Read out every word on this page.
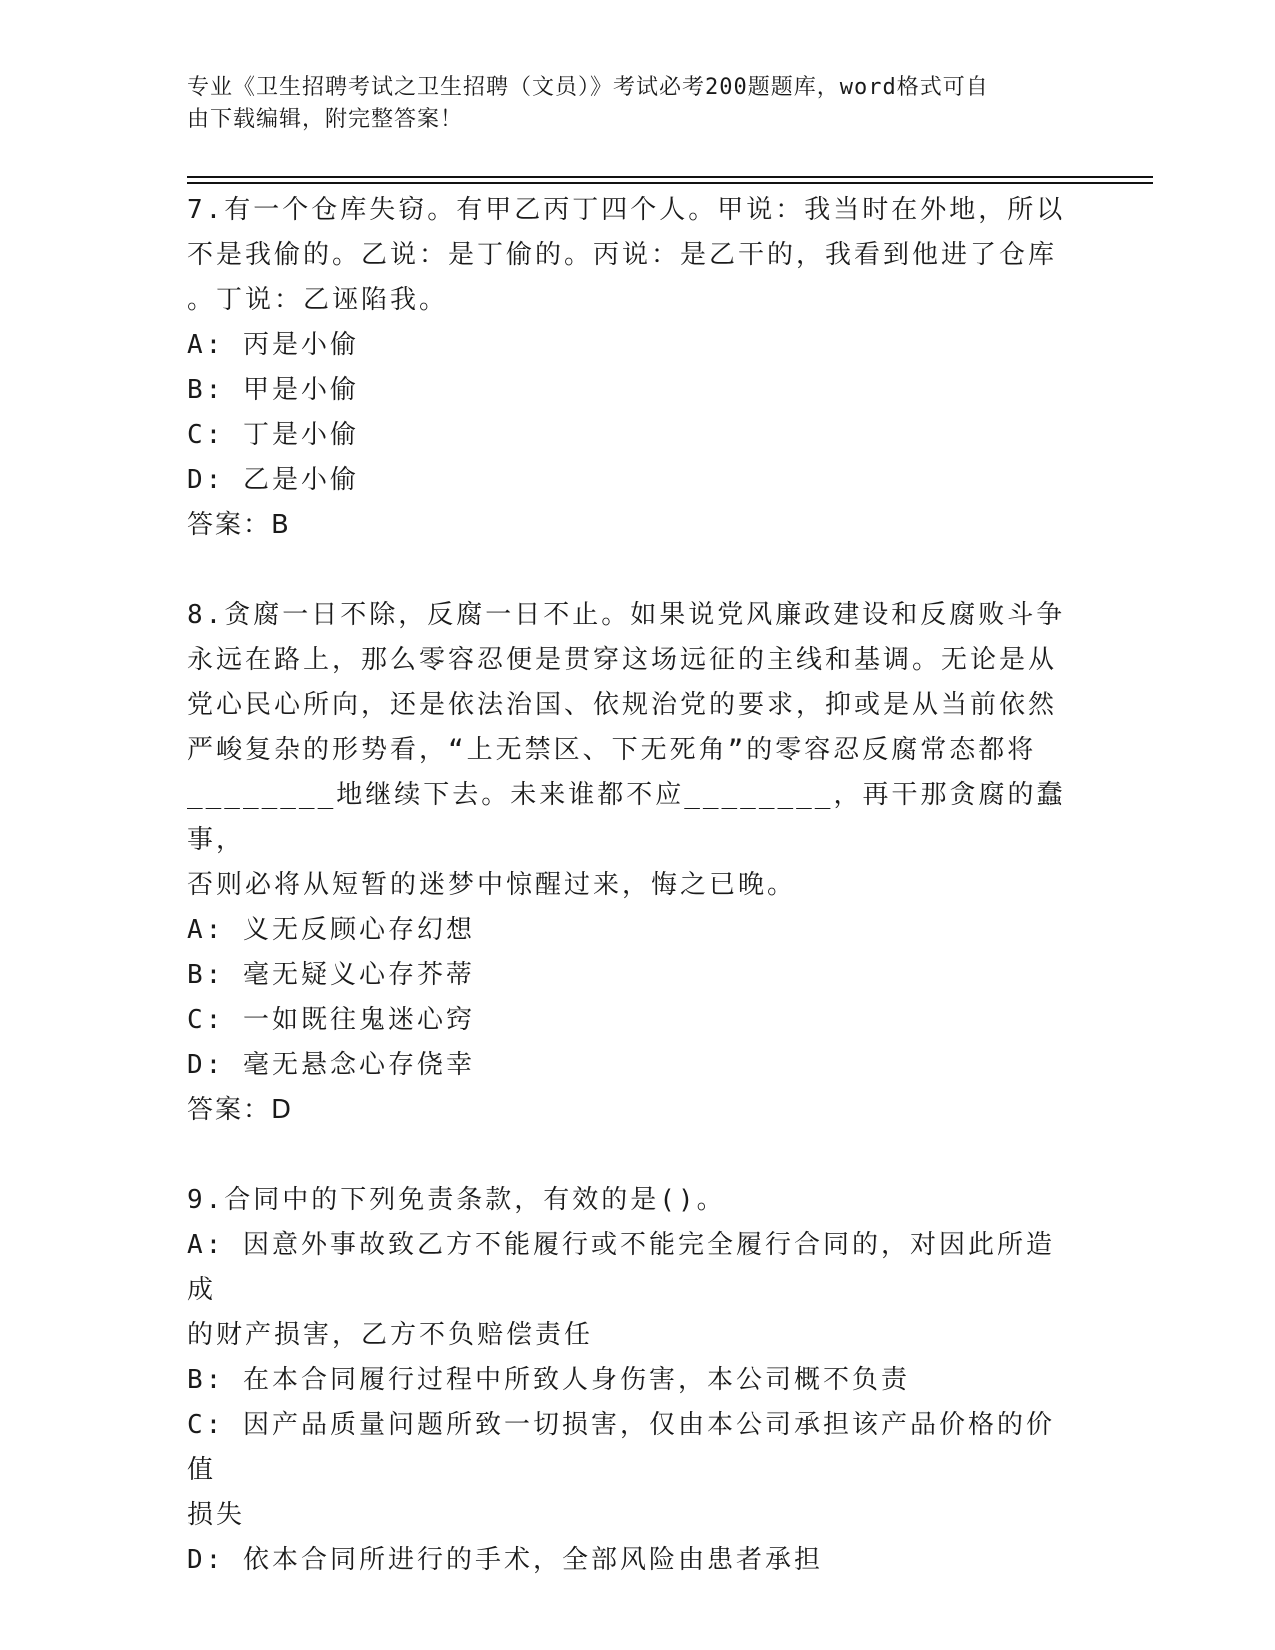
专业《卫生招聘考试之卫生招聘（文员）》考试必考200题题库，word格式可自
由下载编辑，附完整答案！
7.有一个仓库失窃。有甲乙丙丁四个人。甲说：我当时在外地，所以
不是我偷的。乙说：是丁偷的。丙说：是乙干的，我看到他进了仓库
。丁说：乙诬陷我。
A: 丙是小偷
B: 甲是小偷
C: 丁是小偷
D: 乙是小偷
答案：B
8.贪腐一日不除，反腐一日不止。如果说党风廉政建设和反腐败斗争
永远在路上，那么零容忍便是贯穿这场远征的主线和基调。无论是从
党心民心所向，还是依法治国、依规治党的要求，抑或是从当前依然
严峻复杂的形势看，“上无禁区、下无死角”的零容忍反腐常态都将
________地继续下去。未来谁都不应________，再干那贪腐的蠢事，
否则必将从短暂的迷梦中惊醒过来，悔之已晚。
A: 义无反顾心存幻想
B: 毫无疑义心存芥蒂
C: 一如既往鬼迷心窍
D: 毫无悬念心存侥幸
答案：D
9.合同中的下列免责条款，有效的是()。
A: 因意外事故致乙方不能履行或不能完全履行合同的，对因此所造成
的财产损害，乙方不负赔偿责任
B: 在本合同履行过程中所致人身伤害，本公司概不负责
C: 因产品质量问题所致一切损害，仅由本公司承担该产品价格的价值
损失
D: 依本合同所进行的手术，全部风险由患者承担
